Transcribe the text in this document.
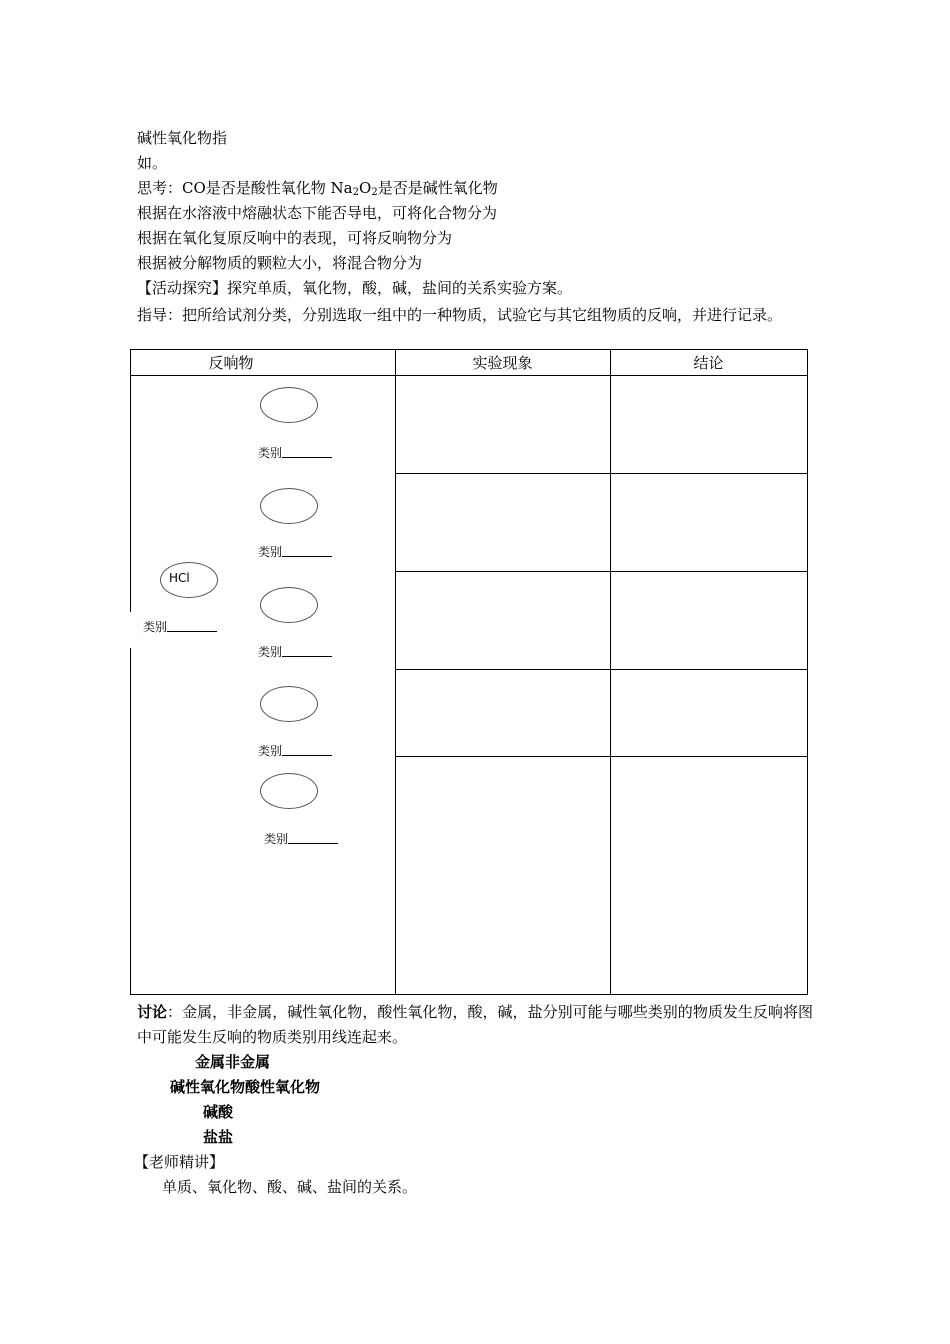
碱性氧化物指
如。
思考：CO是否是酸性氧化物 $Na_2O_2$是否是碱性氧化物
根据在水溶液中熔融状态下能否导电，可将化合物分为
根据在氧化复原反响中的表现，可将反响物分为
根据被分解物质的颗粒大小，将混合物分为
【活动探究】探究单质，氧化物，酸，碱，盐间的关系实验方案。
指导：把所给试剂分类，分别选取一组中的一种物质，试验它与其它组物质的反响，并进行记录。
反响物	实验现象	结论
HCl
类别
类别
类别
类别
类别
类别
讨论：金属，非金属，碱性氧化物，酸性氧化物，酸，碱，盐分别可能与哪些类别的物质发生反响将图中可能发生反响的物质类别用线连起来。
金属非金属
碱性氧化物酸性氧化物
碱酸
盐盐
【老师精讲】
单质、氧化物、酸、碱、盐间的关系。
